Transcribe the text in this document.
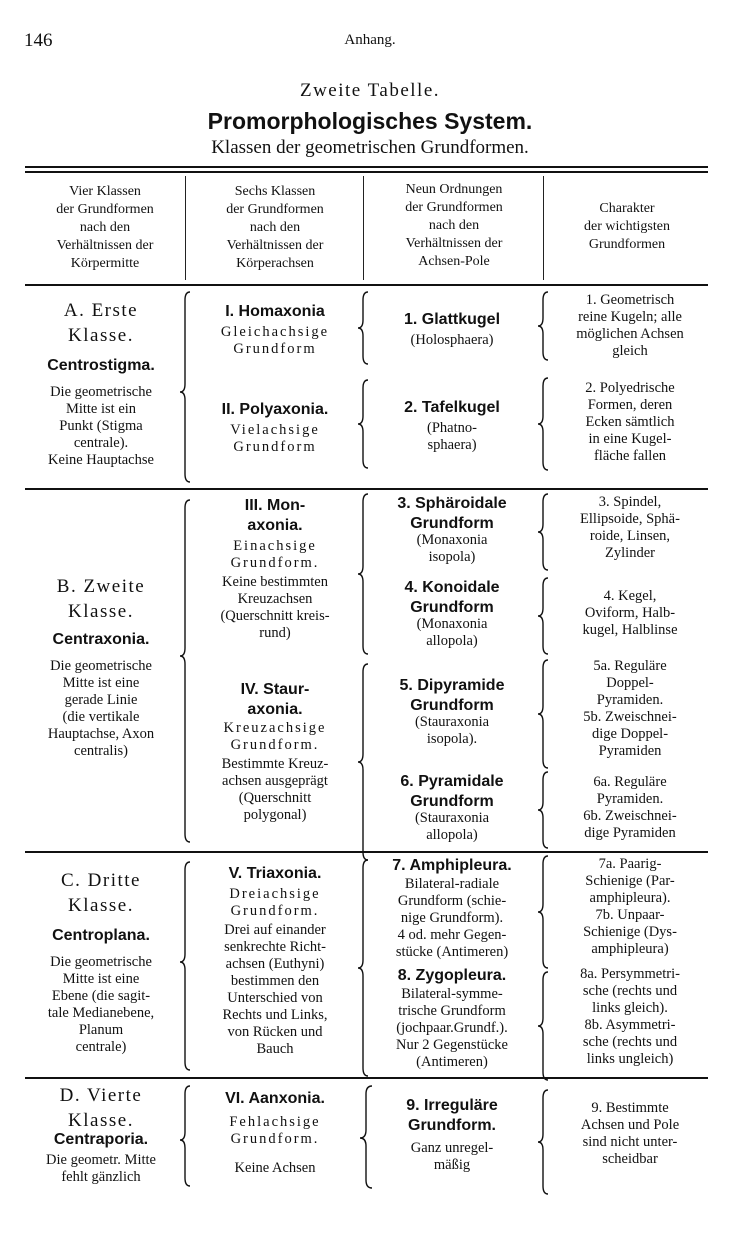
146	Anhang.
Zweite Tabelle.
Promorphologisches System.
Klassen der geometrischen Grundformen.
Vier Klassen
der Grundformen
nach den
Verhältnissen der
Körpermitte
Sechs Klassen
der Grundformen
nach den
Verhältnissen der
Körperachsen
Neun Ordnungen
der Grundformen
nach den
Verhältnissen der
Achsen-Pole
Charakter
der wichtigsten
Grundformen
A. Erste
Klasse.
Centrostigma.
Die geometrische
Mitte ist ein
Punkt (Stigma
centrale).
Keine Hauptachse
I. Homaxonia
Gleichachsige
Grundform
II. Polyaxonia.
Vielachsige
Grundform
1. Glattkugel
(Holosphaera)
2. Tafelkugel
(Phatno-
sphaera)
1. Geometrisch
reine Kugeln; alle
möglichen Achsen
gleich
2. Polyedrische
Formen, deren
Ecken sämtlich
in eine Kugel-
fläche fallen
B. Zweite
Klasse.
Centraxonia.
Die geometrische
Mitte ist eine
gerade Linie
(die vertikale
Hauptachse, Axon
centralis)
III. Mon-
axonia.
Einachsige
Grundform.
Keine bestimmten
Kreuzachsen
(Querschnitt kreis-
rund)
IV. Staur-
axonia.
Kreuzachsige
Grundform.
Bestimmte Kreuz-
achsen ausgeprägt
(Querschnitt
polygonal)
3. Sphäroidale
Grundform
(Monaxonia
isopola)
4. Konoidale
Grundform
(Monaxonia
allopola)
5. Dipyramide
Grundform
(Stauraxonia
isopola).
6. Pyramidale
Grundform
(Stauraxonia
allopola)
3. Spindel,
Ellipsoide, Sphä-
roide, Linsen,
Zylinder
4. Kegel,
Oviform, Halb-
kugel, Halblinse
5a. Reguläre
Doppel-
Pyramiden.
5b. Zweischnei-
dige Doppel-
Pyramiden
6a. Reguläre
Pyramiden.
6b. Zweischnei-
dige Pyramiden
C. Dritte
Klasse.
Centroplana.
Die geometrische
Mitte ist eine
Ebene (die sagit-
tale Medianebene,
Planum
centrale)
V. Triaxonia.
Dreiachsige
Grundform.
Drei auf einander
senkrechte Richt-
achsen (Euthyni)
bestimmen den
Unterschied von
Rechts und Links,
von Rücken und
Bauch
7. Amphipleura.
Bilateral-radiale
Grundform (schie-
nige Grundform).
4 od. mehr Gegen-
stücke (Antimeren)
8. Zygopleura.
Bilateral-symme-
trische Grundform
(jochpaar.Grundf.).
Nur 2 Gegenstücke
(Antimeren)
7a. Paarig-
Schienige (Par-
amphipleura).
7b. Unpaar-
Schienige (Dys-
amphipleura)
8a. Persymmetri-
sche (rechts und
links gleich).
8b. Asymmetri-
sche (rechts und
links ungleich)
D. Vierte
Klasse.
Centraporia.
Die geometr. Mitte
fehlt gänzlich
VI. Aanxonia.
Fehlachsige
Grundform.
Keine Achsen
9. Irreguläre
Grundform.
Ganz unregel-
mäßig
9. Bestimmte
Achsen und Pole
sind nicht unter-
scheidbar
